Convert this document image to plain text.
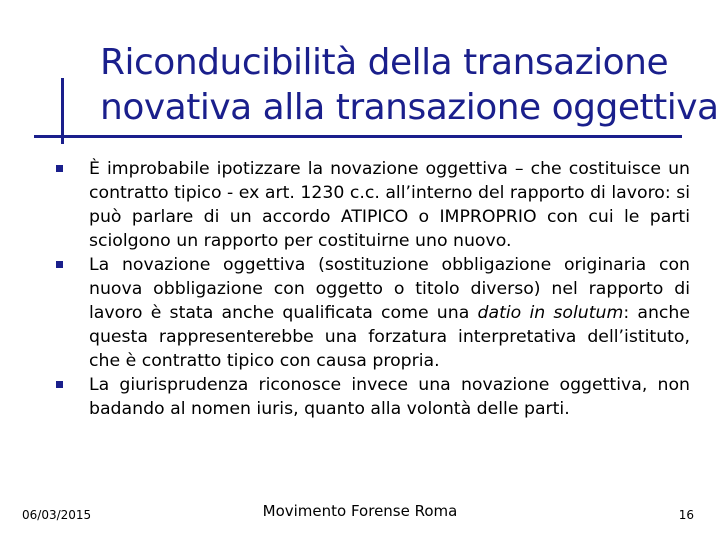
Riconducibilità della transazione
novativa alla transazione oggettiva
È improbabile ipotizzare la novazione oggettiva – che costituisce un contratto tipico - ex art. 1230 c.c. all’interno del rapporto di lavoro: si può parlare di un accordo ATIPICO o IMPROPRIO con cui le parti sciolgono un rapporto per costituirne uno nuovo.
La novazione oggettiva (sostituzione obbligazione originaria con nuova obbligazione con oggetto o titolo diverso) nel rapporto di lavoro è stata anche qualificata come una datio in solutum: anche questa rappresenterebbe una forzatura interpretativa dell’istituto, che è contratto tipico con causa propria.
La giurisprudenza riconosce invece una novazione oggettiva, non badando al nomen iuris, quanto alla volontà delle parti.
06/03/2015	Movimento Forense Roma	16
